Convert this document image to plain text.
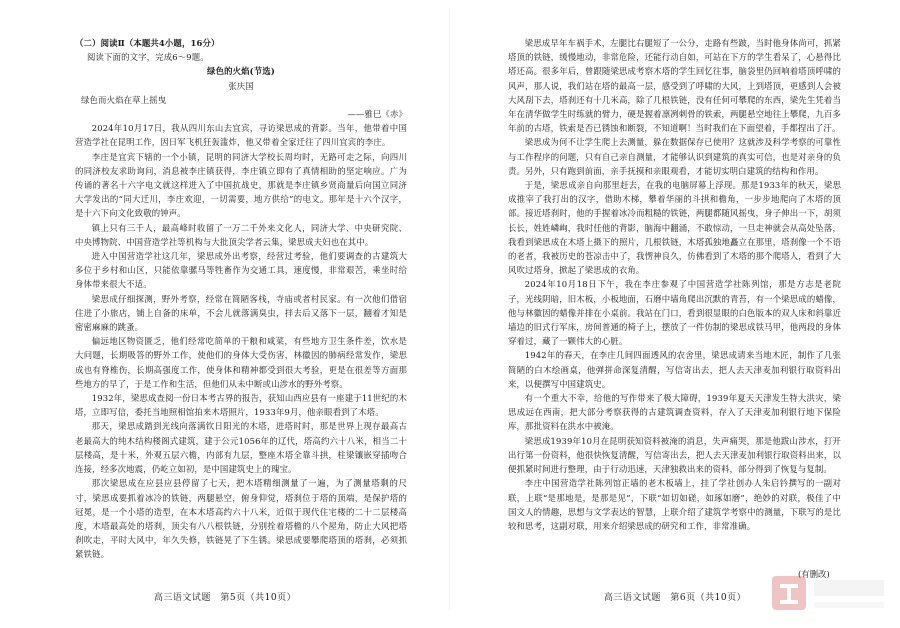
（二）阅读Ⅱ（本题共4小题，16分）

阅读下面的文字，完成6～9题。

绿色的火焰(节选)

张庆国

绿色而火焰在草上摇曳

——雅巳《赤》

2024年10月17日，我从四川东山去宜宾，寻访梁思成的背影。当年，他带着中国营造学社在昆明工作，因日军飞机狂轰滥炸，他又带着全家迁往了四川宜宾的李庄。

李庄是宜宾下辖的一个小镇，昆明的同济大学校长周均时，无路可走之际，向四川的同济校友求助询问，消息被李庄镇获得，李庄镇立即有了真情相助的坚定响应。广为传诵的著名十六字电文就这样进入了中国抗战史，那就是李庄镇乡贤商量后向国立同济大学发出的“同大迁川，李庄欢迎，一切需要，地方供给”的电文。那年是十六个汉字，是十六下向文化致敬的钟声。

镇上只有三千人，最高峰时收留了一万二千外来文化人，同济大学、中央研究院、中央博物院、中国营造学社等机构与大批顶尖学者云集，梁思成夫妇也在其中。

进入中国营造学社这几年，梁思成外出考察，经营过考验，他们要调查的古建筑大多位于乡村和山区，只能依靠骡马等牲畜作为交通工具，速度慢，非常艰苦，乘坐时给身体带来很大不适。

梁思成仔细探测，野外考察，经常在简陋客栈，寺庙或者村民家。有一次他们借宿住进了小旅店，铺上自备的床单，不会儿就落满臭虫，拌去后又落下一层，翻着才知是密密麻麻的跳蚤。

偏远地区物资匮乏，他们经常吃简单的干粮和咸菜，有些地方卫生条件差，饮水是大问题，长期吸答的野外工作，使他们的身体大受伤害，林徽因的肺病经常发作，梁思成也有脊椎伤，长期高强度工作，使身体和精神都受到很大考验，更是在很差等方面那些地方的早了，于是工作和生活，但他们从未中断或山涉水的野外考察。

1932年，梁思成查阅一份日本考古界的报告，获知山西应县有一座建于11世纪的木塔，立即写信，委托当地照相馆拍来木塔照片，1933年9月，他亲眼看到了木塔。

那天，梁思成踏到光线向落满钦日阳光的木塔，进塔时时，那是世界上现存最高古老最高大的纯木结构楼阁式建筑，建于公元1056年的辽代，塔高约六十八米，相当二十层楼高，是十米，外观五层六檐，内部有九层，整座木塔全靠斗拱，柱梁镶嵌穿插吻合连接，经多次地震，仍屹立如初，是中国建筑史上的瑰宝。

那次梁思成在应县应县停留了七天，把木塔精细测量了一遍，为了测量塔剩的尺寸，梁思成要抓着冰冷的铁链，两腿悬空，俯身仰觉，塔刹位于塔的顶端，是保护塔的冠冕，是一个小塔的造型，在本木塔高约六十八米，近似于现代住宅楼的二十二层楼高度，木塔最高处的塔刹，顶尖有八八根铁链，分别拴着塔檐的八个屋角，防止大风把塔刹吹走，平时大风中，年久失修，铁链晃了下生锈。梁思成要攀爬塔顶的塔刹，必须抓紧铁链。

高三语文试题　第5页（共10页）

梁思成早年车祸手术，左腿比右腿短了一公分，走路有些跛，当时他身体尚可，抓紧塔顶的铁链，缓慢地动，非常危险，还能行动自如，可站在下方的学生看呆了，心悬得比塔还高。很多年后，曾跟随梁思成考察木塔的学生回忆往事，脑袋里仍回响着塔顶呼啸的风声，那人说，我们站在塔的最高一层，感受到了呼啸的大风，上到塔顶，更感到人会被大风刮下去，塔刹还有十几米高，除了几根铁链，没有任何可攀爬的东西，梁先生凭着当年在清华做学生时练就的臂力，硬是握着凛冽刺骨的铁索，两腿悬空地往上攀爬，九百多年前的古塔，铁索是否已锈蚀和断裂，不知道啊！当时我们在下面望着，手都捏出了汗。

梁思成为何不让学生爬上去测量，躲在数据保存已使用？这就涉及科学考察的可靠性与工作程序的问题，只有自己亲自测量，才能够认识到建筑的真实可信，也是对亲身的负责。另外，只有跑到前面，亲手抚摸和亲眼观看，才能切实明白建筑的结构和作用。

于是，梁思成亲自向那里赶去，在我的电脑屏幕上浮现。那是1933年的秋天，梁思成推宰了我打出的汉字，借助木梯，攀着华丽的斗拱和檐角，一步步地爬向了木塔的顶部。接近塔刹时，他的手握着冰冷而粗糙的铁链，两腿都随风摇曳，身子伸出一下，胡须长长，姓姓嶙峋，我时任他的背影，脑海中翻涌，不敢惊动，一旦走神就会从高处坠落，我看到梁思成在木塔上摄下的照片，几根铁链，木塔孤独地矗立在那里，塔刹像一个不语的老者，我被历史的苍凉击中了，我愣神良久，仿佛看到了木塔的那个爬塔人，看到了大风吹过塔身，掀起了梁思成的衣角。

2024年10月18日下午，我在李庄参观了中国营造学社陈列馆，那是方志是老院子，光线阴暗，旧木板，小板地面，石磨中墙角爬出沉默的青苔，有一个梁思成的蜡像，他与林徽因的蜡像并排在小桌前。我站在门口，看到很显眼的白色版本的双人床和斜靠近墙边的旧式行军床，房间普通的椅子上，摆放了一件仿制的梁思成铁马甲，他两段的身体穿着过，藏了一颗伟大的心脏。

1942年的春天，在李庄几间四面透风的农舍里，梁思成请来当地木匠，制作了几张简陋的白木绘画桌，他弹拼命深复清醒，写信寄出去，把人去天津麦加利银行取资料出来，以便撰写中国建筑史。

有一个重大不幸，给他的写作带来了极大障碍，1939年夏天天津发生特大洪灾，梁思成远在西南，把大部分考察获得的古建筑调查资料，存入了天津麦加利银行地下保险库，那批资料在洪水中被淹。

梁思成1939年10月在昆明获知资料被淹的消息，失声痛哭，那是他跋山涉水，打开出行第一份资料，他很快恢复清醒，写信寄出去，把人去天津麦加利银行取资料出来，以便抓紧时间进行整理，由于行动迅速，天津独救出来的资料，部分得到了恢复与复制。

李庄中国营造学社陈列馆正墙的老木板墙上，挂了学社创办人朱启钤撰写的一副对联，上联“是那地是，是那是见”，下联“如切如磋，如琢如磨”，绝妙的对联，极佳了中国文人的情趣，思想与文学表达的智慧，上联介绍了建筑学考察中的测量，下联写的是比较和思考，这副对联，用来介绍梁思成的研究和工作，非常准确。

(有删改)
高三语文试题　第6页（共10页）
